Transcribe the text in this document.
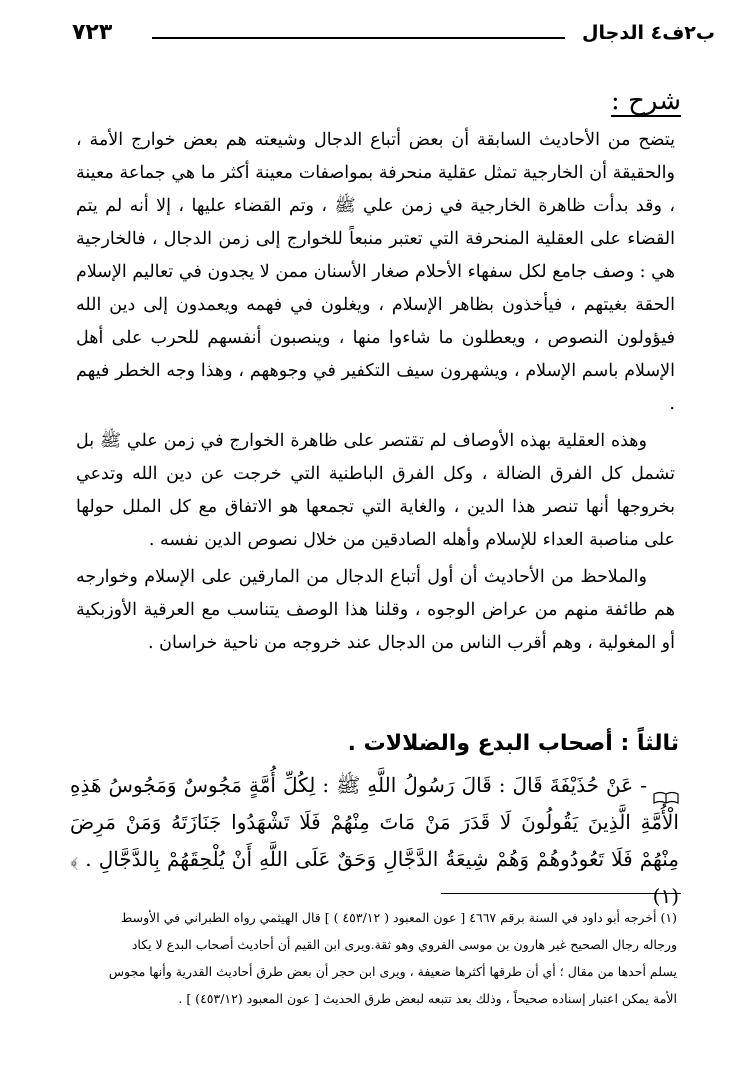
ب٢ف٤ الدجال
٧٢٣
شرح :

يتضح من الأحاديث السابقة أن بعض أتباع الدجال وشيعته هم بعض خوارج الأمة ، والحقيقة أن الخارجية تمثل عقلية منحرفة بمواصفات معينة أكثر ما هي جماعة معينة ، وقد بدأت ظاهرة الخارجية في زمن علي ﷺ ، وتم القضاء عليها ، إلا أنه لم يتم القضاء على العقلية المنحرفة التي تعتبر منبعاً للخوارج إلى زمن الدجال ، فالخارجية هي : وصف جامع لكل سفهاء الأحلام صغار الأسنان ممن لا يجدون في تعاليم الإسلام الحقة بغيتهم ، فيأخذون بظاهر الإسلام ، ويغلون في فهمه ويعمدون إلى دين الله فيؤولون النصوص ، ويعطلون ما شاءوا منها ، وينصبون أنفسهم للحرب على أهل الإسلام باسم الإسلام ، ويشهرون سيف التكفير في وجوههم ، وهذا وجه الخطر فيهم .

وهذه العقلية بهذه الأوصاف لم تقتصر على ظاهرة الخوارج في زمن علي ﷺ بل تشمل كل الفرق الضالة ، وكل الفرق الباطنية التي خرجت عن دين الله وتدعي بخروجها أنها تنصر هذا الدين ، والغاية التي تجمعها هو الاتفاق مع كل الملل حولها على مناصبة العداء للإسلام وأهله الصادقين من خلال نصوص الدين نفسه .

والملاحظ من الأحاديث أن أول أتباع الدجال من المارقين على الإسلام وخوارجه هم طائفة منهم من عراض الوجوه ، وقلنا هذا الوصف يتناسب مع العرقية الأوزبكية أو المغولية ، وهم أقرب الناس من الدجال عند خروجه من ناحية خراسان .

ثالثاً : أصحاب البدع والضلالات .
- عَنْ حُذَيْفَةَ قَالَ : قَالَ رَسُولُ اللَّهِ ﷺ : لِكُلِّ أُمَّةٍ مَجُوسٌ وَمَجُوسُ هَذِهِ الْأُمَّةِ الَّذِينَ يَقُولُونَ لَا قَدَرَ مَنْ مَاتَ مِنْهُمْ فَلَا تَشْهَدُوا جَنَازَتَهُ وَمَنْ مَرِضَ مِنْهُمْ فَلَا تَعُودُوهُمْ وَهُمْ شِيعَةُ الدَّجَّالِ وَحَقٌ عَلَى اللَّهِ أَنْ يُلْحِقَهُمْ بِالدَّجَّالِ . ﴾ (١)

(١) أخرجه أبو داود في السنة برقم ٤٦٦٧ [ عون المعبود ( ٤٥٣/١٢ ) ] قال الهيثمي رواه الطبراني في الأوسط

ورجاله رجال الصحيح غير هارون بن موسى الفروي وهو ثقة.ويرى ابن القيم أن أحاديث أصحاب البدع لا يكاد

يسلم أحدها من مقال ؛ أي أن طرقها أكثرها ضعيفة ، ويرى ابن حجر أن بعض طرق أحاديث القدرية وأنها مجوس

الأمة يمكن اعتبار إسناده صحيحاً ، وذلك بعد تتبعه لبعض طرق الحديث [ عون المعبود (٤٥٣/١٢) ] .
